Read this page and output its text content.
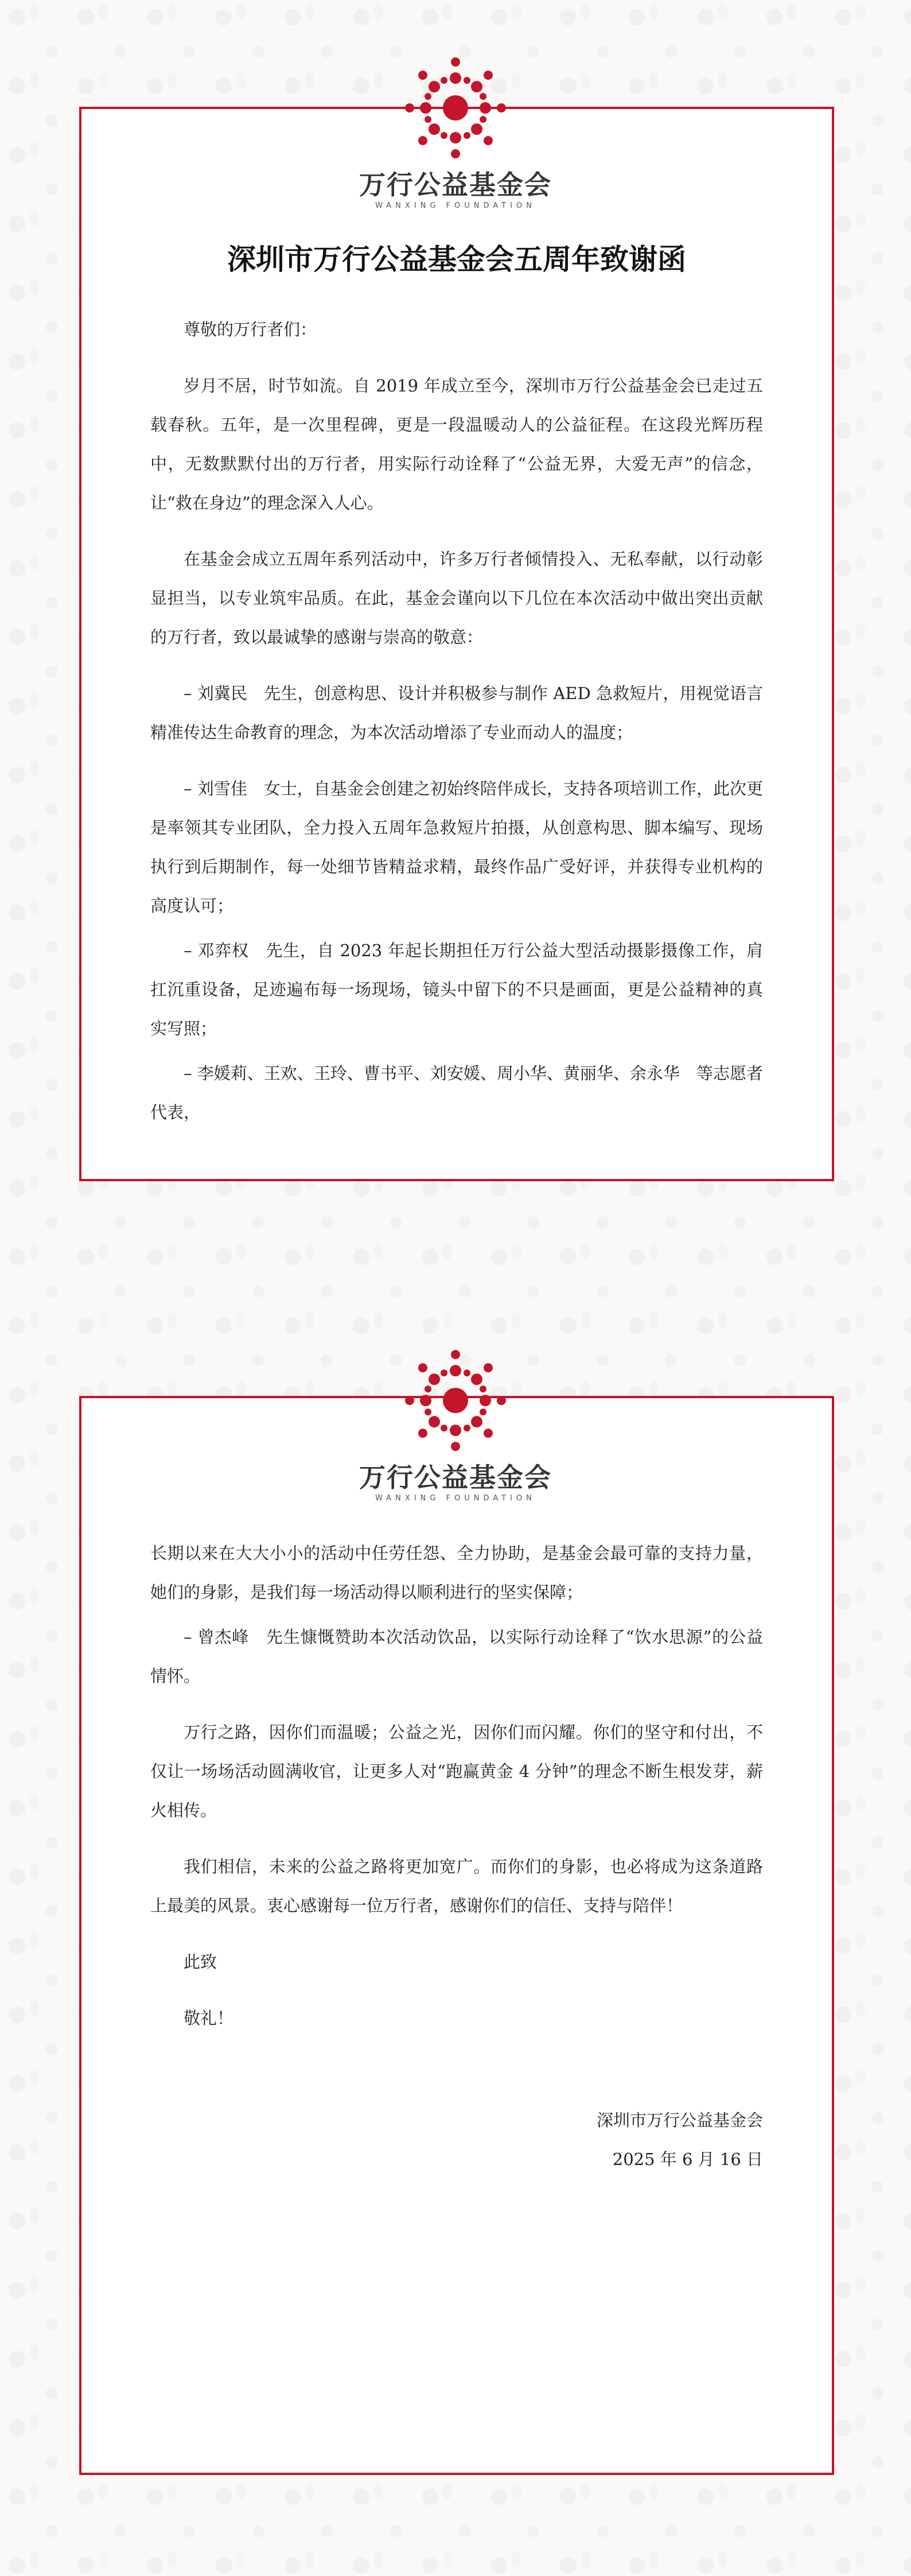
深圳市万行公益基金会五周年致谢函

尊敬的万行者们：

岁月不居，时节如流。自 2019 年成立至今，深圳市万行公益基金会已走过五载春秋。五年，是一次里程碑，更是一段温暖动人的公益征程。在这段光辉历程中，无数默默付出的万行者，用实际行动诠释了“公益无界，大爱无声”的信念，让“救在身边”的理念深入人心。

在基金会成立五周年系列活动中，许多万行者倾情投入、无私奉献，以行动彰显担当，以专业筑牢品质。在此，基金会谨向以下几位在本次活动中做出突出贡献的万行者，致以最诚挚的感谢与崇高的敬意：

– 刘冀民　先生，创意构思、设计并积极参与制作 AED 急救短片，用视觉语言精准传达生命教育的理念，为本次活动增添了专业而动人的温度；

– 刘雪佳　女士，自基金会创建之初始终陪伴成长，支持各项培训工作，此次更是率领其专业团队，全力投入五周年急救短片拍摄，从创意构思、脚本编写、现场执行到后期制作，每一处细节皆精益求精，最终作品广受好评，并获得专业机构的高度认可；

– 邓弈权　先生，自 2023 年起长期担任万行公益大型活动摄影摄像工作，肩扛沉重设备，足迹遍布每一场现场，镜头中留下的不只是画面，更是公益精神的真实写照；

– 李媛莉、王欢、王玲、曹书平、刘安媛、周小华、黄丽华、余永华　等志愿者代表，

万行公益基金会
WANXING FOUNDATION

长期以来在大大小小的活动中任劳任怨、全力协助，是基金会最可靠的支持力量，她们的身影，是我们每一场活动得以顺利进行的坚实保障；

– 曾杰峰　先生慷慨赞助本次活动饮品，以实际行动诠释了“饮水思源”的公益情怀。

万行之路，因你们而温暖；公益之光，因你们而闪耀。你们的坚守和付出，不仅让一场场活动圆满收官，让更多人对“跑赢黄金 4 分钟”的理念不断生根发芽，薪火相传。

我们相信，未来的公益之路将更加宽广。而你们的身影，也必将成为这条道路上最美的风景。衷心感谢每一位万行者，感谢你们的信任、支持与陪伴！

此致

敬礼！

深圳市万行公益基金会

2025 年 6 月 16 日

万行公益基金会
WANXING FOUNDATION
